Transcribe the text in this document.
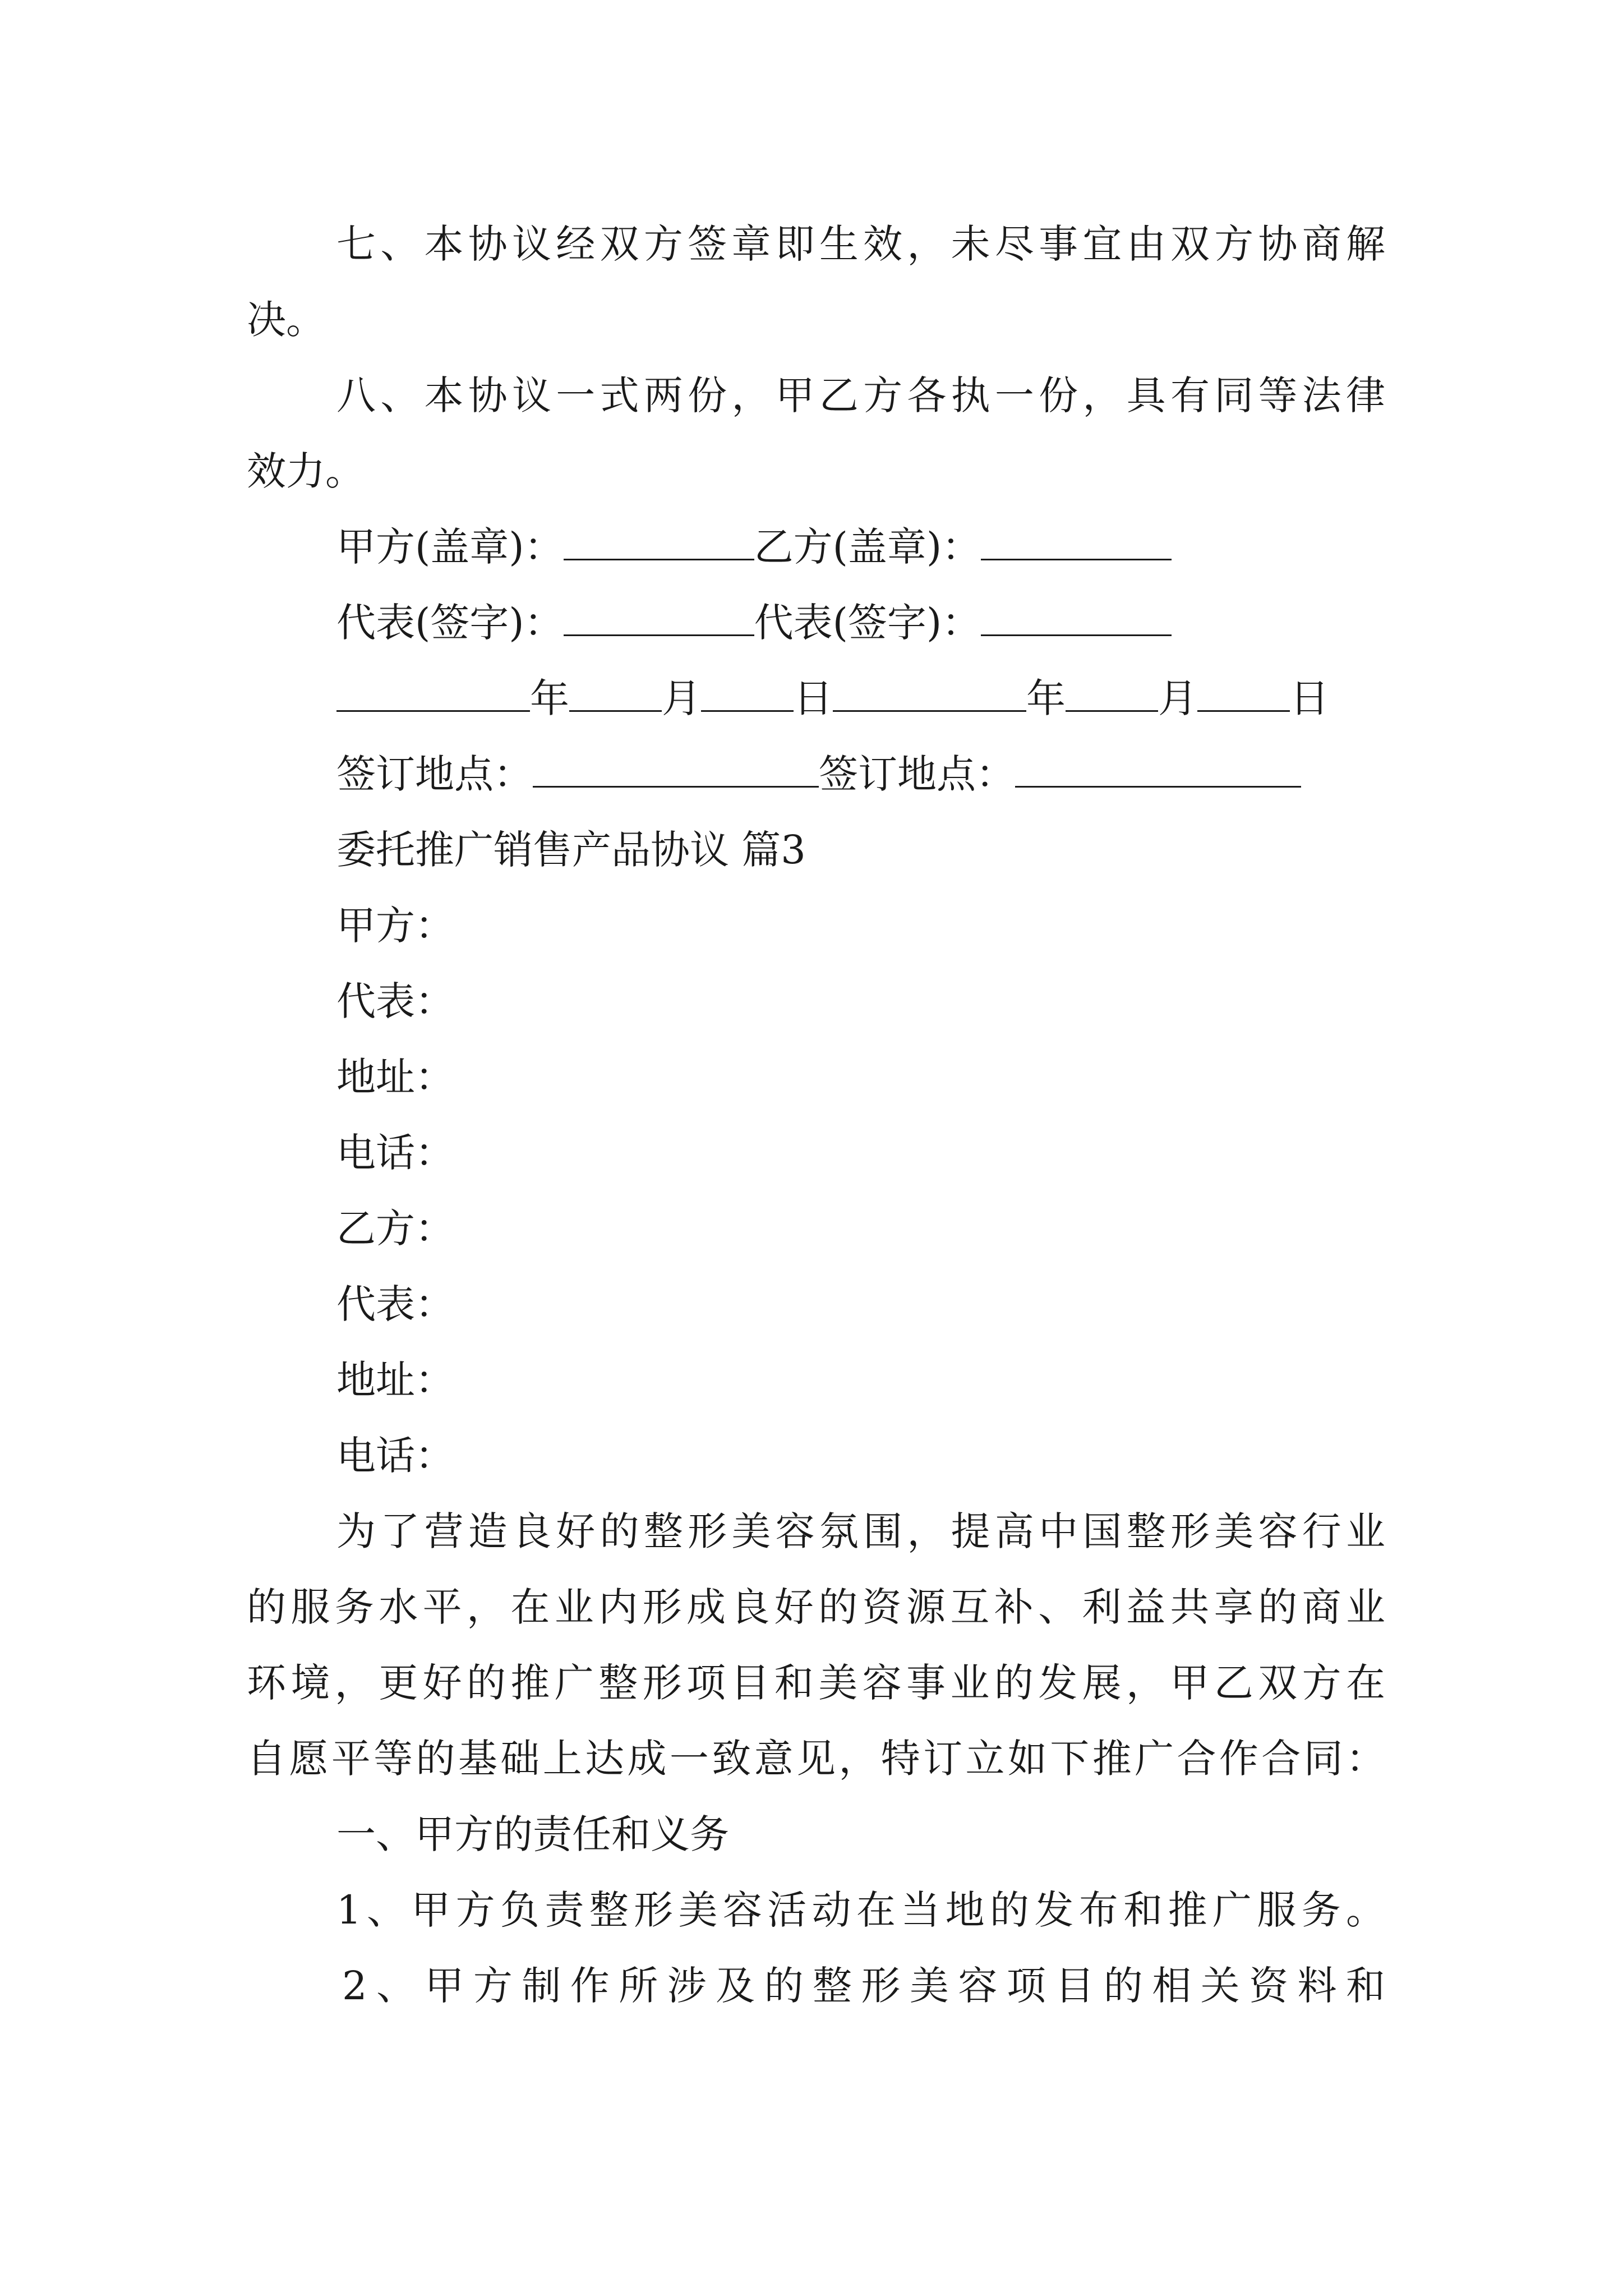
七、本协议经双方签章即生效，未尽事宜由双方协商解
决。
八、本协议一式两份，甲乙方各执一份，具有同等法律
效力。
甲方(盖章)：	乙方(盖章)：
代表(签字)：	代表(签字)：
年 月 日	年 月 日
签订地点：	签订地点：
委托推广销售产品协议 篇3
甲方：
代表：
地址：
电话：
乙方：
代表：
地址：
电话：
为了营造良好的整形美容氛围，提高中国整形美容行业
的服务水平，在业内形成良好的资源互补、利益共享的商业
环境，更好的推广整形项目和美容事业的发展，甲乙双方在
自愿平等的基础上达成一致意见，特订立如下推广合作合同：
一、甲方的责任和义务
1、甲方负责整形美容活动在当地的发布和推广服务。
2、甲方制作所涉及的整形美容项目的相关资料和
